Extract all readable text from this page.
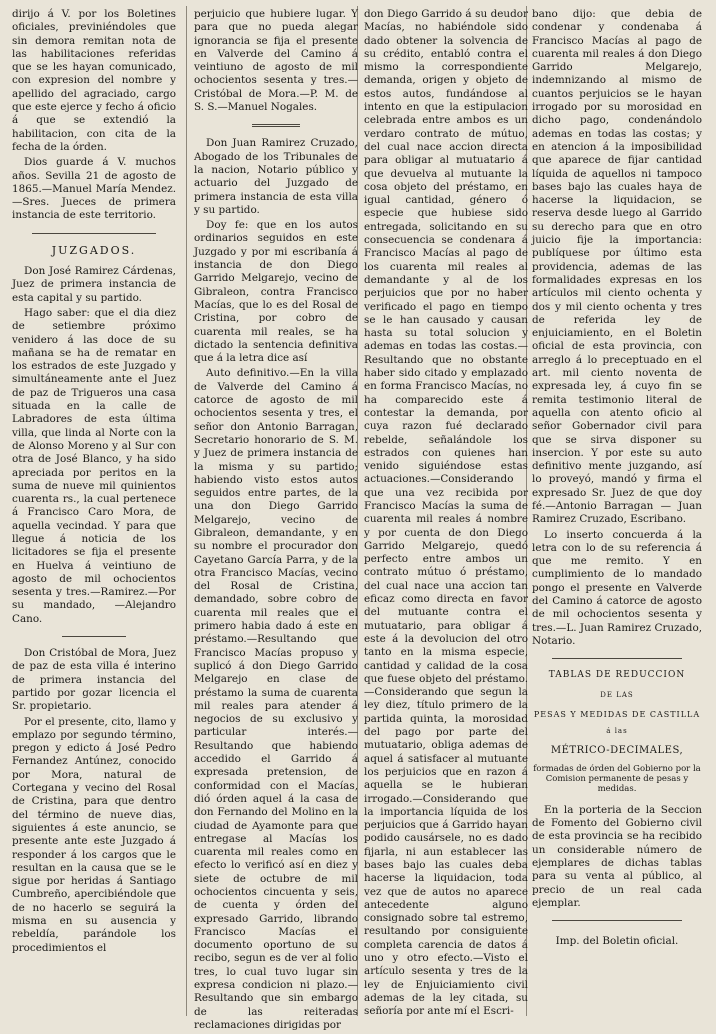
dirijo á V. por los Boletines oficiales, previniéndoles que sin demora remitan nota de las habilitaciones referidas que se les hayan comunicado, con expresion del nombre y apellido del agraciado, cargo que este ejerce y fecho á oficio á que se extendió la habilitacion, con cita de la fecha de la órden.

Dios guarde á V. muchos años. Sevilla 21 de agosto de 1865.—Manuel María Mendez.—Sres. Jueces de primera instancia de este territorio.

JUZGADOS.

Don José Ramirez Cárdenas, Juez de primera instancia de esta capital y su partido.

Hago saber: que el dia diez de setiembre próximo venidero á las doce de su mañana se ha de rematar en los estrados de este Juzgado y simultáneamente ante el Juez de paz de Trigueros una casa situada en la calle de Labradores de esta última villa, que linda al Norte con la de Alonso Moreno y al Sur con otra de José Blanco, y ha sido apreciada por peritos en la suma de nueve mil quinientos cuarenta rs., la cual pertenece á Francisco Caro Mora, de aquella vecindad. Y para que llegue á noticia de los licitadores se fija el presente en Huelva á veintiuno de agosto de mil ochocientos sesenta y tres.—Ramirez.—Por su mandado, —Alejandro Cano.

Don Cristóbal de Mora, Juez de paz de esta villa é interino de primera instancia del partido por gozar licencia el Sr. propietario.

Por el presente, cito, llamo y emplazo por segundo término, pregon y edicto á José Pedro Fernandez Antúnez, conocido por Mora, natural de Cortegana y vecino del Rosal de Cristina, para que dentro del término de nueve dias, siguientes á este anuncio, se presente ante este Juzgado á responder á los cargos que le resultan en la causa que se le sigue por heridas á Santiago Cumbreño, apercibiéndole que de no hacerlo se seguirá la misma en su ausencia y rebeldía, parándole los procedimientos el

perjuicio que hubiere lugar. Y para que no pueda alegar ignorancia se fija el presente en Valverde del Camino á veintiuno de agosto de mil ochocientos sesenta y tres.—Cristóbal de Mora.—P. M. de S. S.—Manuel Nogales.

Don Juan Ramirez Cruzado, Abogado de los Tribunales de la nacion, Notario público y actuario del Juzgado de primera instancia de esta villa y su partido.

Doy fe: que en los autos ordinarios seguidos en este Juzgado y por mi escribanía á instancia de don Diego Garrido Melgarejo, vecino de Gibraleon, contra Francisco Macías, que lo es del Rosal de Cristina, por cobro de cuarenta mil reales, se ha dictado la sentencia definitiva que á la letra dice así

Auto definitivo.—En la villa de Valverde del Camino á catorce de agosto de mil ochocientos sesenta y tres, el señor don Antonio Barragan, Secretario honorario de S. M. y Juez de primera instancia de la misma y su partido; habiendo visto estos autos seguidos entre partes, de la una don Diego Garrido Melgarejo, vecino de Gibraleon, demandante, y en su nombre el procurador don Cayetano García Parra, y de la otra Francisco Macías, vecino del Rosal de Cristina, demandado, sobre cobro de cuarenta mil reales que el primero habia dado á este en préstamo.—Resultando que Francisco Macías propuso y suplicó á don Diego Garrido Melgarejo en clase de préstamo la suma de cuarenta mil reales para atender á negocios de su exclusivo y particular interés.—Resultando que habiendo accedido el Garrido á expresada pretension, de conformidad con el Macías, dió órden aquel á la casa de don Fernando del Molino en la ciudad de Ayamonte para que entregase al Macías los cuarenta mil reales como en efecto lo verificó así en diez y siete de octubre de mil ochocientos cincuenta y seis, de cuenta y órden del expresado Garrido, librando Francisco Macías el documento oportuno de su recibo, segun es de ver al folio tres, lo cual tuvo lugar sin expresa condicion ni plazo.—Resultando que sin embargo de las reiteradas reclamaciones dirigidas por

don Diego Garrido á su deudor Macías, no habiéndole sido dado obtener la solvencia de su crédito, entabló contra el mismo la correspondiente demanda, origen y objeto de estos autos, fundándose al intento en que la estipulacion celebrada entre ambos es un verdaro contrato de mútuo, del cual nace accion directa para obligar al mutuatario á que devuelva al mutuante la cosa objeto del préstamo, en igual cantidad, género ó especie que hubiese sido entregada, solicitando en su consecuencia se condenara á Francisco Macías al pago de los cuarenta mil reales al demandante y al de los perjuicios que por no haber verificado el pago en tiempo se le han causado y causan hasta su total solucion y ademas en todas las costas.—Resultando que no obstante haber sido citado y emplazado en forma Francisco Macías, no ha comparecido este á contestar la demanda, por cuya razon fué declarado rebelde, señalándole los estrados con quienes han venido siguiéndose estas actuaciones.—Considerando que una vez recibida por Francisco Macías la suma de cuarenta mil reales á nombre y por cuenta de don Diego Garrido Melgarejo, quedó perfecto entre ambos un contrato mútuo ó préstamo, del cual nace una accion tan eficaz como directa en favor del mutuante contra el mutuatario, para obligar á este á la devolucion del otro tanto en la misma especie, cantidad y calidad de la cosa que fuese objeto del préstamo.—Considerando que segun la ley diez, título primero de la partida quinta, la morosidad del pago por parte del mutuatario, obliga ademas de aquel á satisfacer al mutuante los perjuicios que en razon á aquella se le hubieran irrogado.—Considerando que la importancia líquida de los perjuicios que á Garrido hayan podido causársele, no es dado fijarla, ni aun establecer las bases bajo las cuales deba hacerse la liquidacion, toda vez que de autos no aparece antecedente alguno consignado sobre tal estremo, resultando por consiguiente completa carencia de datos á uno y otro efecto.—Visto el artículo sesenta y tres de la ley de Enjuiciamiento civil ademas de la ley citada, su señoría por ante mí el Escri-

bano dijo: que debia de condenar y condenaba á Francisco Macías al pago de cuarenta mil reales á don Diego Garrido Melgarejo, indemnizando al mismo de cuantos perjuicios se le hayan irrogado por su morosidad en dicho pago, condenándolo ademas en todas las costas; y en atencion á la imposibilidad que aparece de fijar cantidad líquida de aquellos ni tampoco bases bajo las cuales haya de hacerse la liquidacion, se reserva desde luego al Garrido su derecho para que en otro juicio fije la importancia: publíquese por último esta providencia, ademas de las formalidades expresas en los artículos mil ciento ochenta y dos y mil ciento ochenta y tres de referida ley de enjuiciamiento, en el Boletin oficial de esta provincia, con arreglo á lo preceptuado en el art. mil ciento noventa de expresada ley, á cuyo fin se remita testimonio literal de aquella con atento oficio al señor Gobernador civil para que se sirva disponer su insercion. Y por este su auto definitivo mente juzgando, así lo proveyó, mandó y firma el expresado Sr. Juez de que doy fé.—Antonio Barragan — Juan Ramirez Cruzado, Escribano.

Lo inserto concuerda á la letra con lo de su referencia á que me remito. Y en cumplimiento de lo mandado pongo el presente en Valverde del Camino á catorce de agosto de mil ochocientos sesenta y tres.—L. Juan Ramirez Cruzado, Notario.

TABLAS DE REDUCCION
DE LAS
PESAS Y MEDIDAS DE CASTILLA
á las
MÉTRICO-DECIMALES,
formadas de órden del Gobierno por la Comision permanente de pesas y medidas.

En la porteria de la Seccion de Fomento del Gobierno civil de esta provincia se ha recibido un considerable número de ejemplares de dichas tablas para su venta al público, al precio de un real cada ejemplar.

Imp. del Boletin oficial.
